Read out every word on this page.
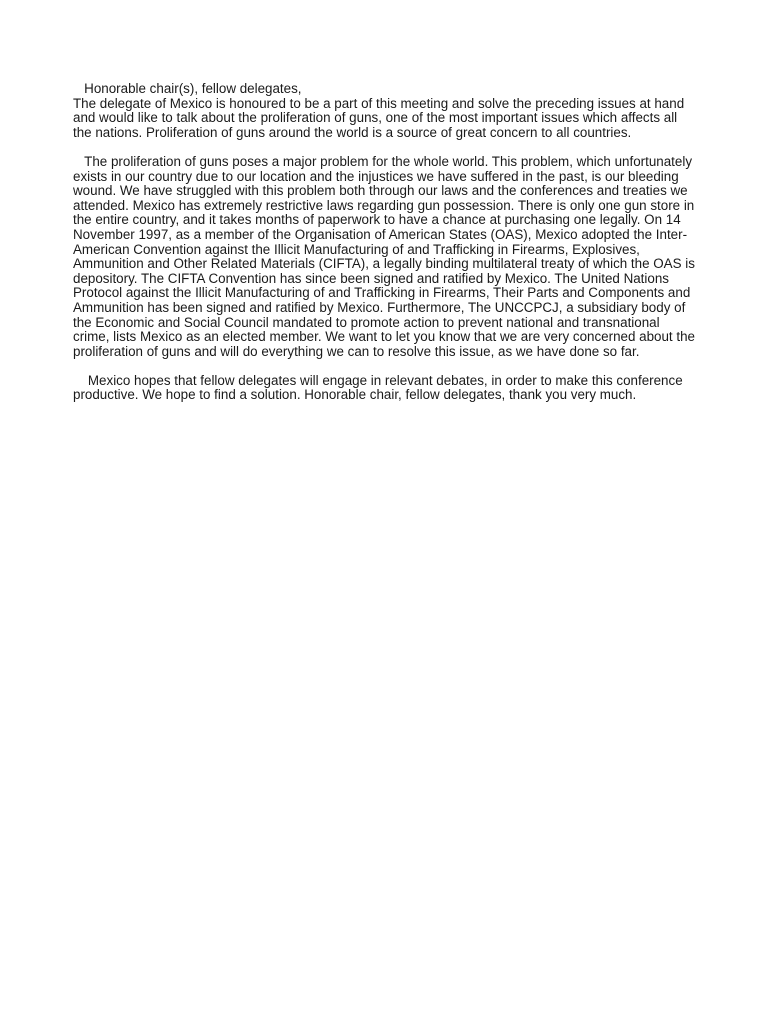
Honorable chair(s), fellow delegates,

The delegate of Mexico is honoured to be a part of this meeting and solve the preceding issues at hand and would like to talk about the proliferation of guns, one of the most important issues which affects all the nations. Proliferation of guns around the world is a source of great concern to all countries.

The proliferation of guns poses a major problem for the whole world. This problem, which unfortunately exists in our country due to our location and the injustices we have suffered in the past, is our bleeding wound. We have struggled with this problem both through our laws and the conferences and treaties we attended. Mexico has extremely restrictive laws regarding gun possession. There is only one gun store in the entire country, and it takes months of paperwork to have a chance at purchasing one legally. On 14 November 1997, as a member of the Organisation of American States (OAS), Mexico adopted the Inter-American Convention against the Illicit Manufacturing of and Trafficking in Firearms, Explosives, Ammunition and Other Related Materials (CIFTA), a legally binding multilateral treaty of which the OAS is depository. The CIFTA Convention has since been signed and ratified by Mexico. The United Nations Protocol against the Illicit Manufacturing of and Trafficking in Firearms, Their Parts and Components and Ammunition has been signed and ratified by Mexico. Furthermore, The UNCCPCJ, a subsidiary body of the Economic and Social Council mandated to promote action to prevent national and transnational crime, lists Mexico as an elected member. We want to let you know that we are very concerned about the proliferation of guns and will do everything we can to resolve this issue, as we have done so far.

Mexico hopes that fellow delegates will engage in relevant debates, in order to make this conference productive. We hope to find a solution. Honorable chair, fellow delegates, thank you very much.
